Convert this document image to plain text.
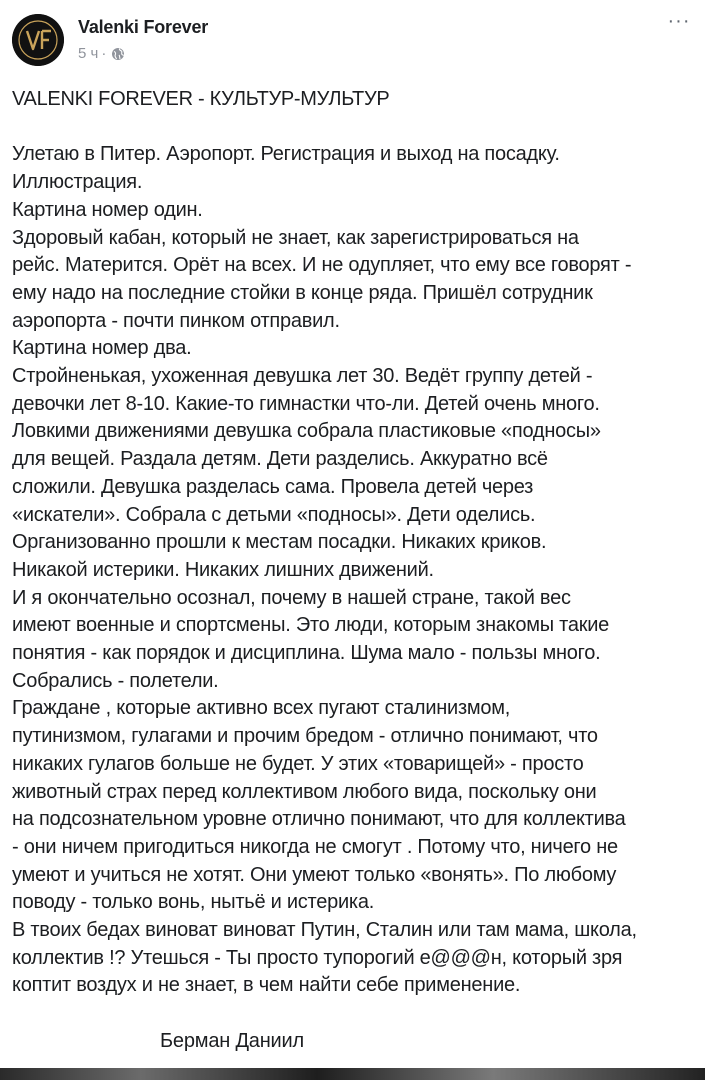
Valenki Forever
5 ч ·
···

VALENKI FOREVER - КУЛЬТУР-МУЛЬТУР

Улетаю в Питер. Аэропорт. Регистрация и выход на посадку.

Иллюстрация.

Картина номер один.

Здоровый кабан, который не знает, как зарегистрироваться на

рейс. Матерится. Орёт на всех. И не одупляет, что ему все говорят -

ему надо на последние стойки в конце ряда. Пришёл сотрудник

аэропорта - почти пинком отправил.

Картина номер два.

Стройненькая, ухоженная девушка лет 30. Ведёт группу детей -

девочки лет 8-10. Какие-то гимнастки что-ли. Детей очень много.

Ловкими движениями девушка собрала пластиковые «подносы»

для вещей. Раздала детям. Дети разделись. Аккуратно всё

сложили. Девушка разделась сама. Провела детей через

«искатели». Собрала с детьми «подносы». Дети оделись.

Организованно прошли к местам посадки. Никаких криков.

Никакой истерики. Никаких лишних движений.

И я окончательно осознал, почему в нашей стране, такой вес

имеют военные и спортсмены. Это люди, которым знакомы такие

понятия - как порядок и дисциплина. Шума мало - пользы много.

Собрались - полетели.

Граждане , которые активно всех пугают сталинизмом,

путинизмом, гулагами и прочим бредом - отлично понимают, что

никаких гулагов больше не будет. У этих «товарищей» - просто

животный страх перед коллективом любого вида, поскольку они

на подсознательном уровне отлично понимают, что для коллектива

- они ничем пригодиться никогда не смогут . Потому что, ничего не

умеют и учиться не хотят. Они умеют только «вонять». По любому

поводу - только вонь, нытьё и истерика.

В твоих бедах виноват виноват Путин, Сталин или там мама, школа,

коллектив !? Утешься - Ты просто тупорогий е@@@н, который зря

коптит воздух и не знает, в чем найти себе применение.

Берман Даниил
